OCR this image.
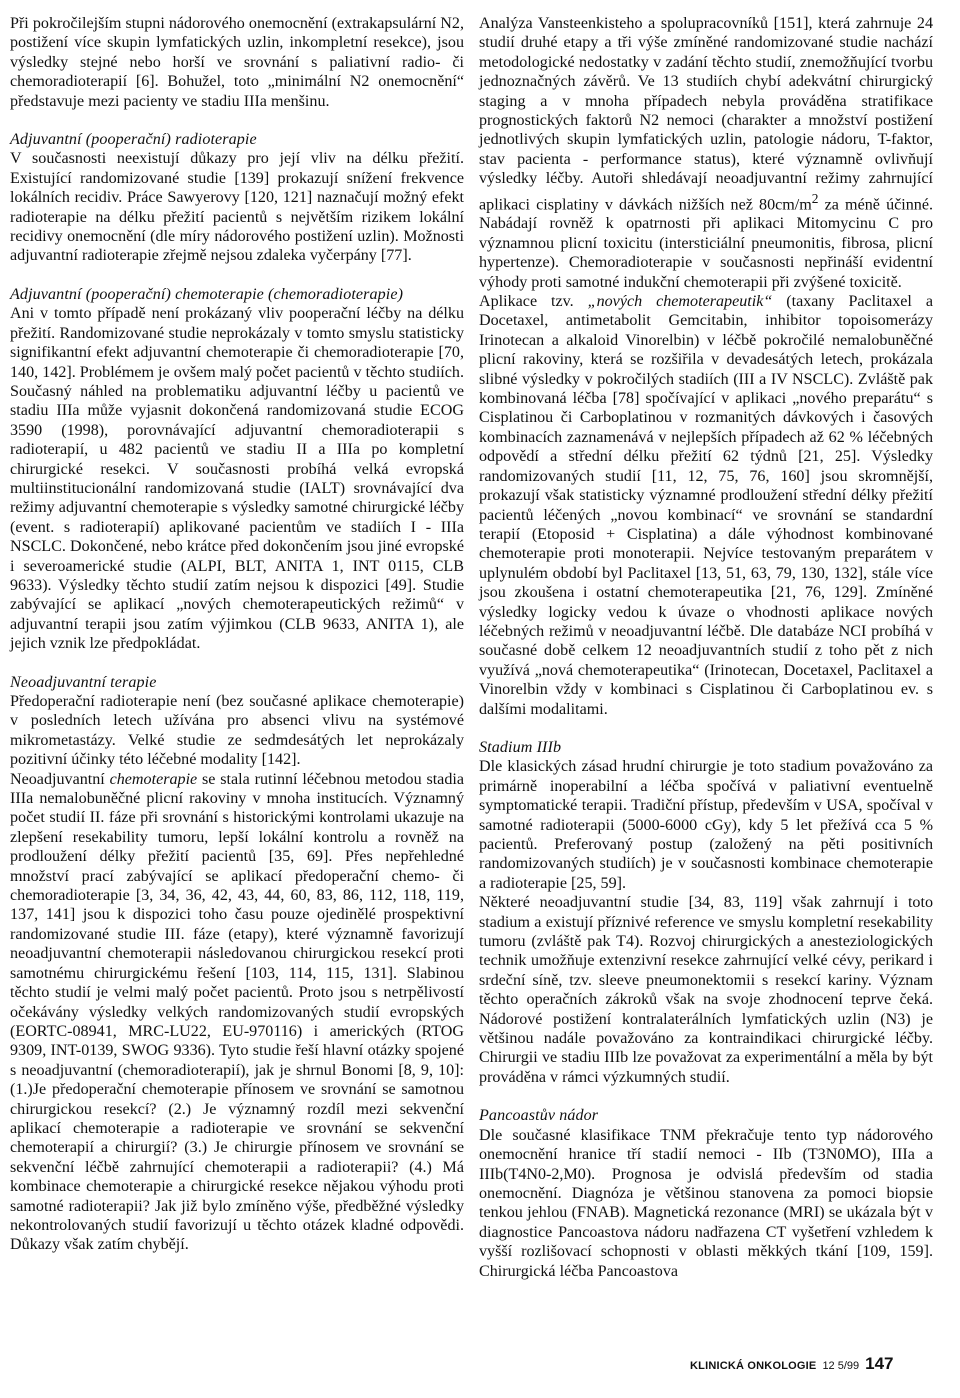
Při pokročilejším stupni nádorového onemocnění (extrakapsulární N2, postižení více skupin lymfatických uzlin, inkompletní resekce), jsou výsledky stejné nebo horší ve srovnání s paliativní radio- či chemoradioterapií [6]. Bohužel, toto „minimální N2 onemocnění“ představuje mezi pacienty ve stadiu IIIa menšinu.

Adjuvantní (pooperační) radioterapie

V současnosti neexistují důkazy pro její vliv na délku přežití. Existující randomizované studie [139] prokazují snížení frekvence lokálních recidiv. Práce Sawyerovy [120, 121] naznačují možný efekt radioterapie na délku přežití pacientů s největším rizikem lokální recidivy onemocnění (dle míry nádorového postižení uzlin). Možnosti adjuvantní radioterapie zřejmě nejsou zdaleka vyčerpány [77].

Adjuvantní (pooperační) chemoterapie (chemoradioterapie)

Ani v tomto případě není prokázaný vliv pooperační léčby na délku přežití. Randomizované studie neprokázaly v tomto smyslu statisticky signifikantní efekt adjuvantní chemoterapie či chemoradioterapie [70, 140, 142]. Problémem je ovšem malý počet pacientů v těchto studiích. Současný náhled na problematiku adjuvantní léčby u pacientů ve stadiu IIIa může vyjasnit dokončená randomizovaná studie ECOG 3590 (1998), porovnávající adjuvantní chemoradioterapii s radioterapií, u 482 pacientů ve stadiu II a IIIa po kompletní chirurgické resekci. V současnosti probíhá velká evropská multiinstitucionální randomizovaná studie (IALT) srovnávající dva režimy adjuvantní chemoterapie s výsledky samotné chirurgické léčby (event. s radioterapií) aplikované pacientům ve stadiích I - IIIa NSCLC. Dokončené, nebo krátce před dokončením jsou jiné evropské i severoamerické studie (ALPI, BLT, ANITA 1, INT 0115, CLB 9633). Výsledky těchto studií zatím nejsou k dispozici [49]. Studie zabývající se aplikací „nových chemoterapeutických režimů“ v adjuvantní terapii jsou zatím výjimkou (CLB 9633, ANITA 1), ale jejich vznik lze předpokládat.

Neoadjuvantní terapie

Předoperační radioterapie není (bez současné aplikace chemoterapie) v posledních letech užívána pro absenci vlivu na systémové mikrometastázy. Velké studie ze sedmdesátých let neprokázaly pozitivní účinky této léčebné modality [142].

Neoadjuvantní chemoterapie se stala rutinní léčebnou metodou stadia IIIa nemalobuněčné plicní rakoviny v mnoha institucích. Významný počet studií II. fáze při srovnání s historickými kontrolami ukazuje na zlepšení resekability tumoru, lepší lokální kontrolu a rovněž na prodloužení délky přežití pacientů [35, 69]. Přes nepřehledné množství prací zabývající se aplikací předoperační chemo- či chemoradioterapie [3, 34, 36, 42, 43, 44, 60, 83, 86, 112, 118, 119, 137, 141] jsou k dispozici toho času pouze ojedinělé prospektivní randomizované studie III. fáze (etapy), které významně favorizují neoadjuvantní chemoterapii následovanou chirurgickou resekcí proti samotnému chirurgickému řešení [103, 114, 115, 131]. Slabinou těchto studií je velmi malý počet pacientů. Proto jsou s netrpělivostí očekávány výsledky velkých randomizovaných studií evropských (EORTC-08941, MRC-LU22, EU-970116) i amerických (RTOG 9309, INT-0139, SWOG 9336). Tyto studie řeší hlavní otázky spojené s neoadjuvantní (chemoradioterapií), jak je shrnul Bonomi [8, 9, 10]: (1.)Je předoperační chemoterapie přínosem ve srovnání se samotnou chirurgickou resekcí? (2.) Je významný rozdíl mezi sekvenční aplikací chemoterapie a radioterapie ve srovnání se sekvenční chemoterapií a chirurgií? (3.) Je chirurgie přínosem ve srovnání se sekvenční léčbě zahrnující chemoterapii a radioterapii? (4.) Má kombinace chemoterapie a chirurgické resekce nějakou výhodu proti samotné radioterapii? Jak již bylo zmíněno výše, předběžné výsledky nekontrolovaných studií favorizují u těchto otázek kladné odpovědi. Důkazy však zatím chybějí.

Analýza Vansteenkisteho a spolupracovníků [151], která zahrnuje 24 studií druhé etapy a tři výše zmíněné randomizované studie nachází metodologické nedostatky v zadání těchto studií, znemožňující tvorbu jednoznačných závěrů. Ve 13 studiích chybí adekvátní chirurgický staging a v mnoha případech nebyla prováděna stratifikace prognostických faktorů N2 nemoci (charakter a množství postižení jednotlivých skupin lymfatických uzlin, patologie nádoru, T-faktor, stav pacienta - performance status), které významně ovlivňují výsledky léčby. Autoři shledávají neoadjuvantní režimy zahrnující aplikaci cisplatiny v dávkách nižších než $80cm/m^2$ za méně účinné. Nabádají rovněž k opatrnosti při aplikaci Mitomycinu C pro významnou plicní toxicitu (intersticiální pneumonitis, fibrosa, plicní hypertenze). Chemoradioterapie v současnosti nepřináší evidentní výhody proti samotné indukční chemoterapii při zvýšené toxicitě.

Aplikace tzv. „nových chemoterapeutik“ (taxany Paclitaxel a Docetaxel, antimetabolit Gemcitabin, inhibitor topoisomerázy Irinotecan a alkaloid Vinorelbin) v léčbě pokročilé nemalobuněčné plicní rakoviny, která se rozšiřila v devadesátých letech, prokázala slibné výsledky v pokročilých stadiích (III a IV NSCLC). Zvláště pak kombinovaná léčba [78] spočívající v aplikaci „nového preparátu“ s Cisplatinou či Carboplatinou v rozmanitých dávkových i časových kombinacích zaznamenává v nejlepších případech až 62 % léčebných odpovědí a střední délku přežití 62 týdnů [21, 25]. Výsledky randomizovaných studií [11, 12, 75, 76, 160] jsou skromnější, prokazují však statisticky významné prodloužení střední délky přežití pacientů léčených „novou kombinací“ ve srovnání se standardní terapií (Etoposid + Cisplatina) a dále výhodnost kombinované chemoterapie proti monoterapii. Nejvíce testovaným preparátem v uplynulém období byl Paclitaxel [13, 51, 63, 79, 130, 132], stále více jsou zkoušena i ostatní chemoterapeutika [21, 76, 129]. Zmíněné výsledky logicky vedou k úvaze o vhodnosti aplikace nových léčebných režimů v neoadjuvantní léčbě. Dle databáze NCI probíhá v současné době celkem 12 neoadjuvantních studií z toho pět z nich využívá „nová chemoterapeutika“ (Irinotecan, Docetaxel, Paclitaxel a Vinorelbin vždy v kombinaci s Cisplatinou či Carboplatinou ev. s dalšími modalitami.

Stadium IIIb

Dle klasických zásad hrudní chirurgie je toto stadium považováno za primárně inoperabilní a léčba spočívá v paliativní eventuelně symptomatické terapii. Tradiční přístup, především v USA, spočíval v samotné radioterapii (5000-6000 cGy), kdy 5 let přežívá cca 5 % pacientů. Preferovaný postup (založený na pěti positivních randomizovaných studiích) je v současnosti kombinace chemoterapie a radioterapie [25, 59].

Některé neoadjuvantní studie [34, 83, 119] však zahrnují i toto stadium a existují příznivé reference ve smyslu kompletní resekability tumoru (zvláště pak T4). Rozvoj chirurgických a anesteziologických technik umožňuje extenzivní resekce zahrnující velké cévy, perikard i srdeční síně, tzv. sleeve pneumonektomii s resekcí kariny. Význam těchto operačních zákroků však na svoje zhodnocení teprve čeká. Nádorové postižení kontralaterálních lymfatických uzlin (N3) je většinou nadále považováno za kontraindikaci chirurgické léčby. Chirurgii ve stadiu IIIb lze považovat za experimentální a měla by být prováděna v rámci výzkumných studií.

Pancoastův nádor

Dle současné klasifikace TNM překračuje tento typ nádorového onemocnění hranice tří stadií nemoci - IIb (T3N0MO), IIIa a IIIb(T4N0-2,M0). Prognosa je odvislá především od stadia onemocnění. Diagnóza je většinou stanovena za pomoci biopsie tenkou jehlou (FNAB). Magnetická rezonance (MRI) se ukázala být v diagnostice Pancoastova nádoru nadřazena CT vyšetření vzhledem k vyšší rozlišovací schopnosti v oblasti měkkých tkání [109, 159]. Chirurgická léčba Pancoastova

KLINICKÁ ONKOLOGIE 12 5/99 147
